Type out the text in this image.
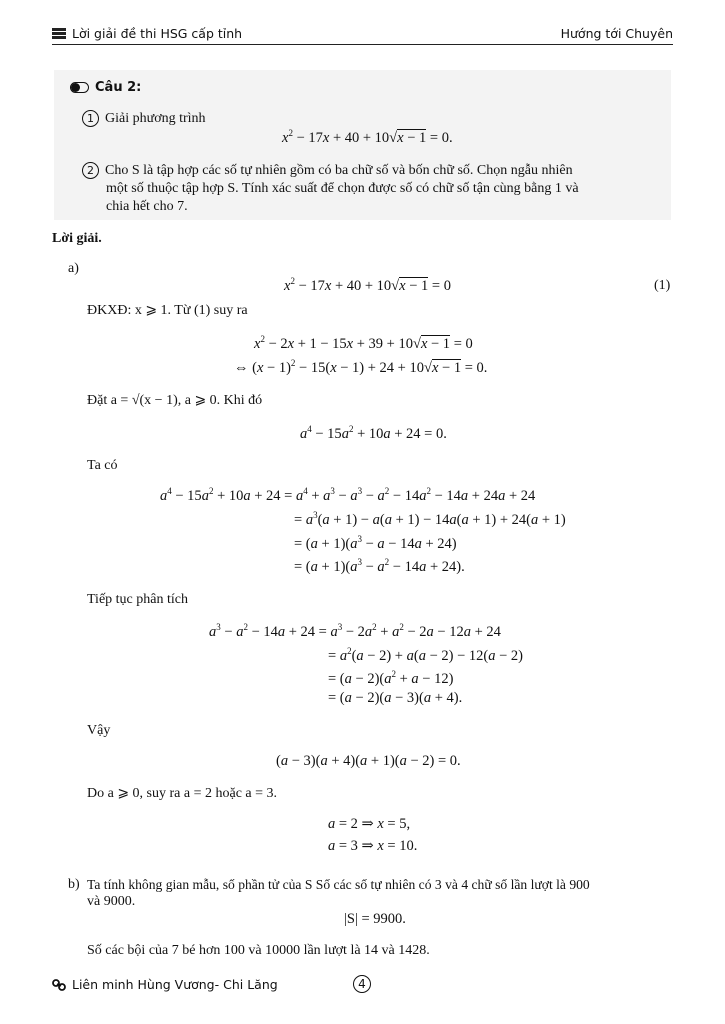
Lời giải đề thi HSG cấp tỉnh	Hướng tới Chuyên
Câu 2:
1 Giải phương trình
$x^2 - 17x + 40 + 10√x - 1 = 0$.
2 Cho S là tập hợp các số tự nhiên gồm có ba chữ số và bốn chữ số. Chọn ngẫu nhiên
một số thuộc tập hợp S. Tính xác suất để chọn được số có chữ số tận cùng bằng 1 và
chia hết cho 7.
Lời giải.
a)
$x^2 - 17x + 40 + 10√x - 1 = 0$	(1)
ĐKXĐ: x ⩾ 1. Từ (1) suy ra
$x^2 - 2x + 1 - 15x + 39 + 10√x - 1 = 0$
⇔ $(x - 1)^2 - 15(x - 1) + 24 + 10√x - 1 = 0$.
Đặt a = √(x − 1), a ⩾ 0. Khi đó
$a^4 - 15a^2 + 10a + 24 = 0$.
Ta có
$a^4 - 15a^2 + 10a + 24 = a^4 + a^3 - a^3 - a^2 - 14a^2 - 14a + 24a + 24$
= $a^3(a + 1) - a(a + 1) - 14a(a + 1) + 24(a + 1)$
= $(a + 1)(a^3 - a - 14a + 24)$
= $(a + 1)(a^3 - a^2 - 14a + 24)$.
Tiếp tục phân tích
$a^3 - a^2 - 14a + 24 = a^3 - 2a^2 + a^2 - 2a - 12a + 24$
= $a^2(a - 2) + a(a - 2) - 12(a - 2)$
= $(a - 2)(a^2 + a - 12)$
= (a − 2)(a − 3)(a + 4).
Vậy
(a − 3)(a + 4)(a + 1)(a − 2) = 0.
Do a ⩾ 0, suy ra a = 2 hoặc a = 3.
a = 2 ⇒ x = 5,
a = 3 ⇒ x = 10.
b) Ta tính không gian mẫu, số phần tử của S Số các số tự nhiên có 3 và 4 chữ số lần lượt là 900
và 9000.
|S| = 9900.
Số các bội của 7 bé hơn 100 và 10000 lần lượt là 14 và 1428.
Liên minh Hùng Vương- Chi Lăng	4
